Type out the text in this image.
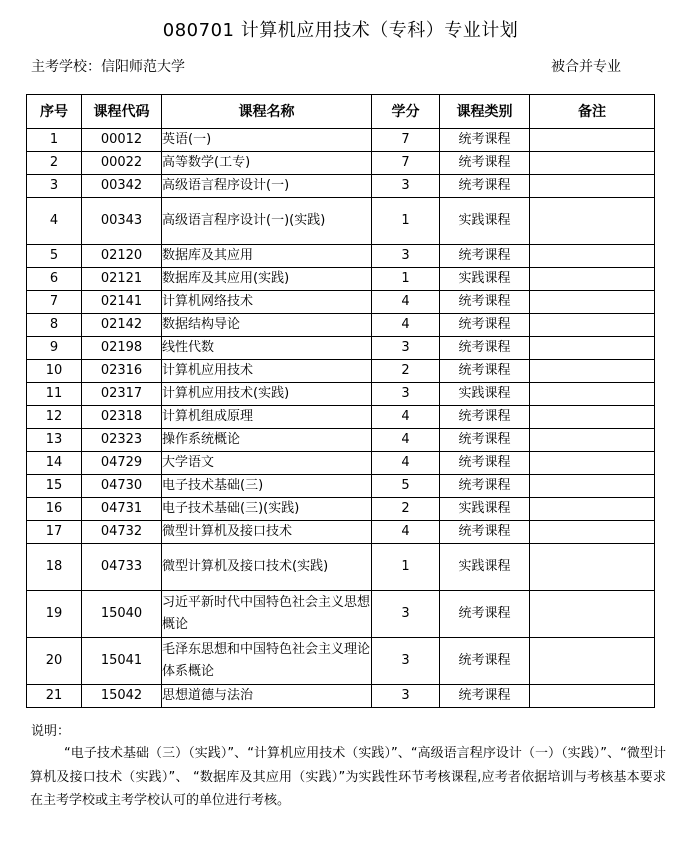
080701 计算机应用技术（专科）专业计划
主考学校：信阳师范大学	被合并专业
序号	课程代码	课程名称	学分	课程类别	备注
1	00012	英语(一)	7	统考课程	
2	00022	高等数学(工专)	7	统考课程	
3	00342	高级语言程序设计(一)	3	统考课程	
4	00343	高级语言程序设计(一)(实践)	1	实践课程	
5	02120	数据库及其应用	3	统考课程	
6	02121	数据库及其应用(实践)	1	实践课程	
7	02141	计算机网络技术	4	统考课程	
8	02142	数据结构导论	4	统考课程	
9	02198	线性代数	3	统考课程	
10	02316	计算机应用技术	2	统考课程	
11	02317	计算机应用技术(实践)	3	实践课程	
12	02318	计算机组成原理	4	统考课程	
13	02323	操作系统概论	4	统考课程	
14	04729	大学语文	4	统考课程	
15	04730	电子技术基础(三)	5	统考课程	
16	04731	电子技术基础(三)(实践)	2	实践课程	
17	04732	微型计算机及接口技术	4	统考课程	
18	04733	微型计算机及接口技术(实践)	1	实践课程	
19	15040	习近平新时代中国特色社会主义思想概论	3	统考课程	
20	15041	毛泽东思想和中国特色社会主义理论体系概论	3	统考课程	
21	15042	思想道德与法治	3	统考课程	
说明：
“电子技术基础（三）（实践）”、“计算机应用技术（实践）”、“高级语言程序设计（一）（实践）”、“微型计算机及接口技术（实践）”、 “数据库及其应用（实践）”为实践性环节考核课程,应考者依据培训与考核基本要求在主考学校或主考学校认可的单位进行考核。
